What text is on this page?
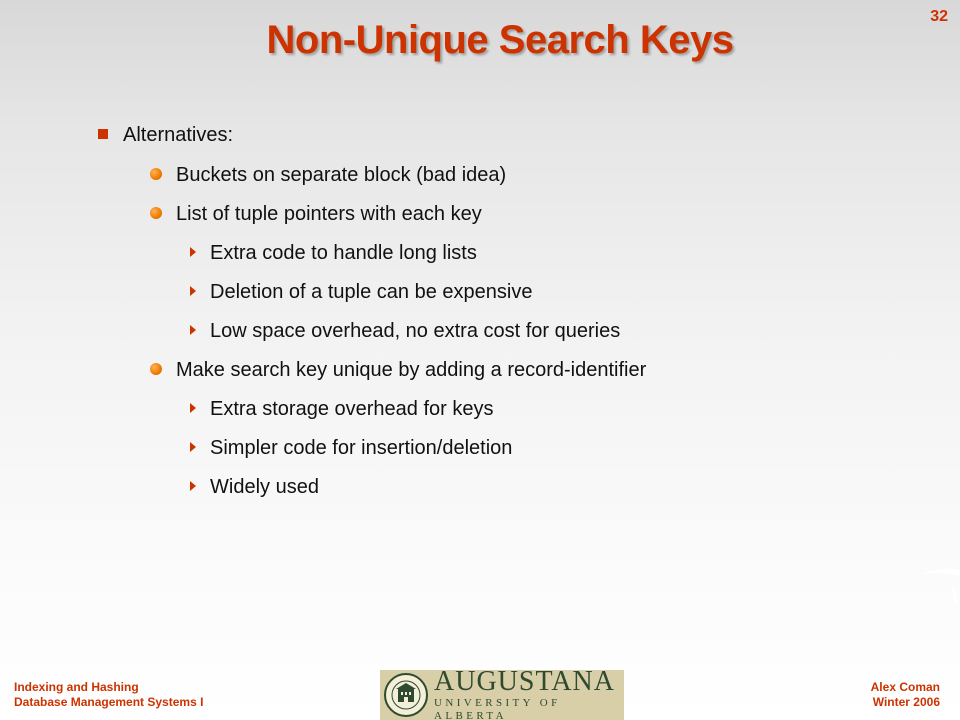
32
Non-Unique Search Keys
Alternatives:
Buckets on separate block (bad idea)
List of tuple pointers with each key
Extra code to handle long lists
Deletion of a tuple can be expensive
Low space overhead, no extra cost for queries
Make search key unique by adding a record-identifier
Extra storage overhead for keys
Simpler code for insertion/deletion
Widely used
Indexing and Hashing
Database Management Systems I
AUGUSTANA
UNIVERSITY OF ALBERTA
Alex Coman
Winter 2006
